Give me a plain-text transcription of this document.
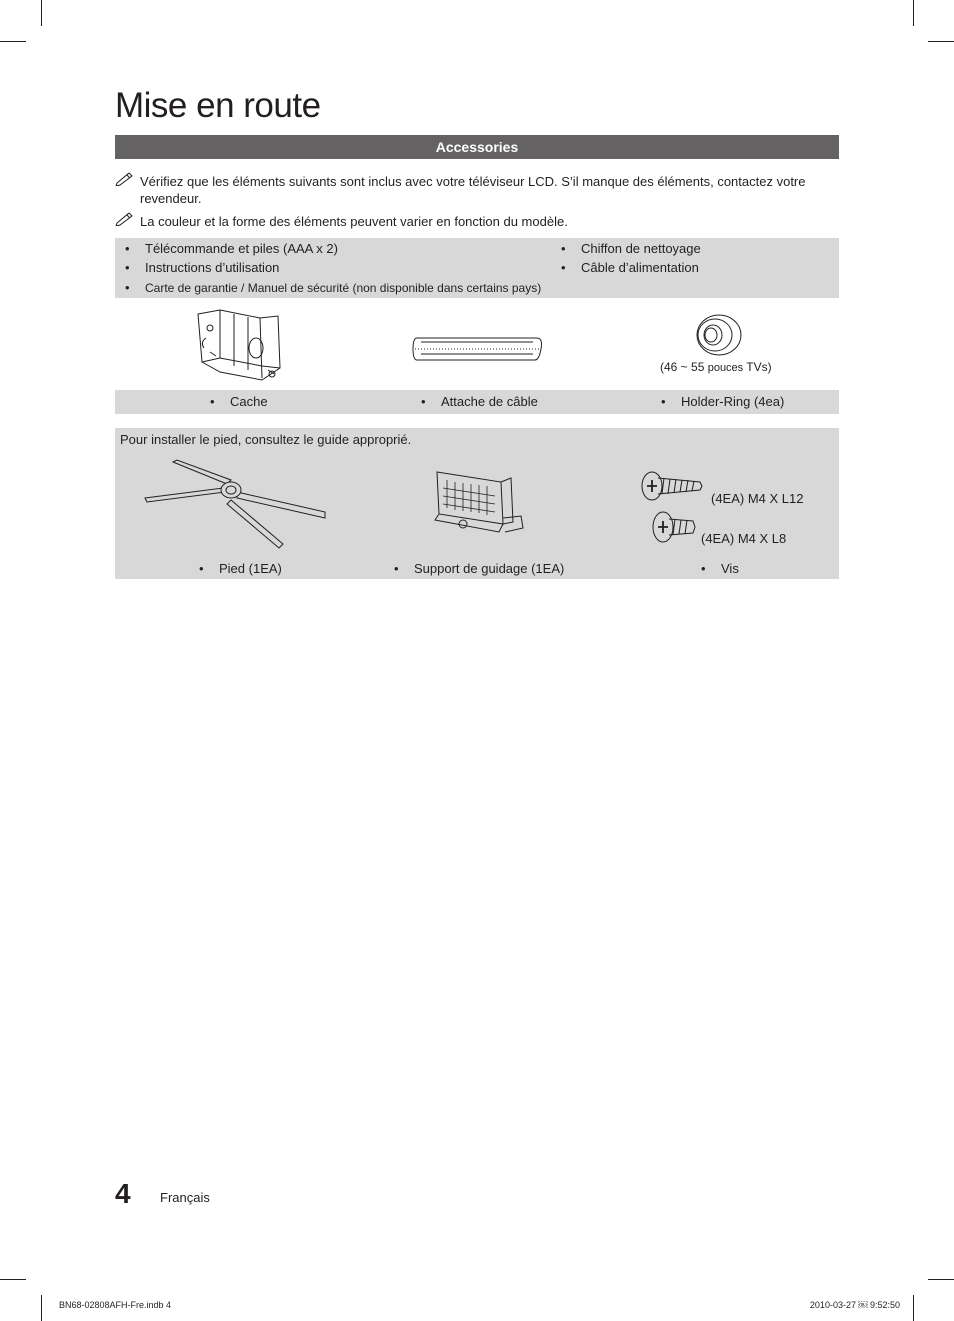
Mise en route
Accessories
Vérifiez que les éléments suivants sont inclus avec votre téléviseur LCD. S’il manque des éléments, contactez votre revendeur.
La couleur et la forme des éléments peuvent varier en fonction du modèle.
• Télécommande et piles (AAA x 2)
• Instructions d’utilisation
• Carte de garantie / Manuel de sécurité (non disponible dans certains pays)
• Chiffon de nettoyage
• Câble d’alimentation
(46 ~ 55 pouces TVs)
• Cache	• Attache de câble	• Holder-Ring (4ea)
Pour installer le pied, consultez le guide approprié.
(4EA) M4 X L12
(4EA) M4 X L8
• Pied (1EA)	• Support de guidage (1EA)	• Vis
4 Français
BN68-02808AFH-Fre.indb 4	2010-03-27 ￼ 9:52:50
